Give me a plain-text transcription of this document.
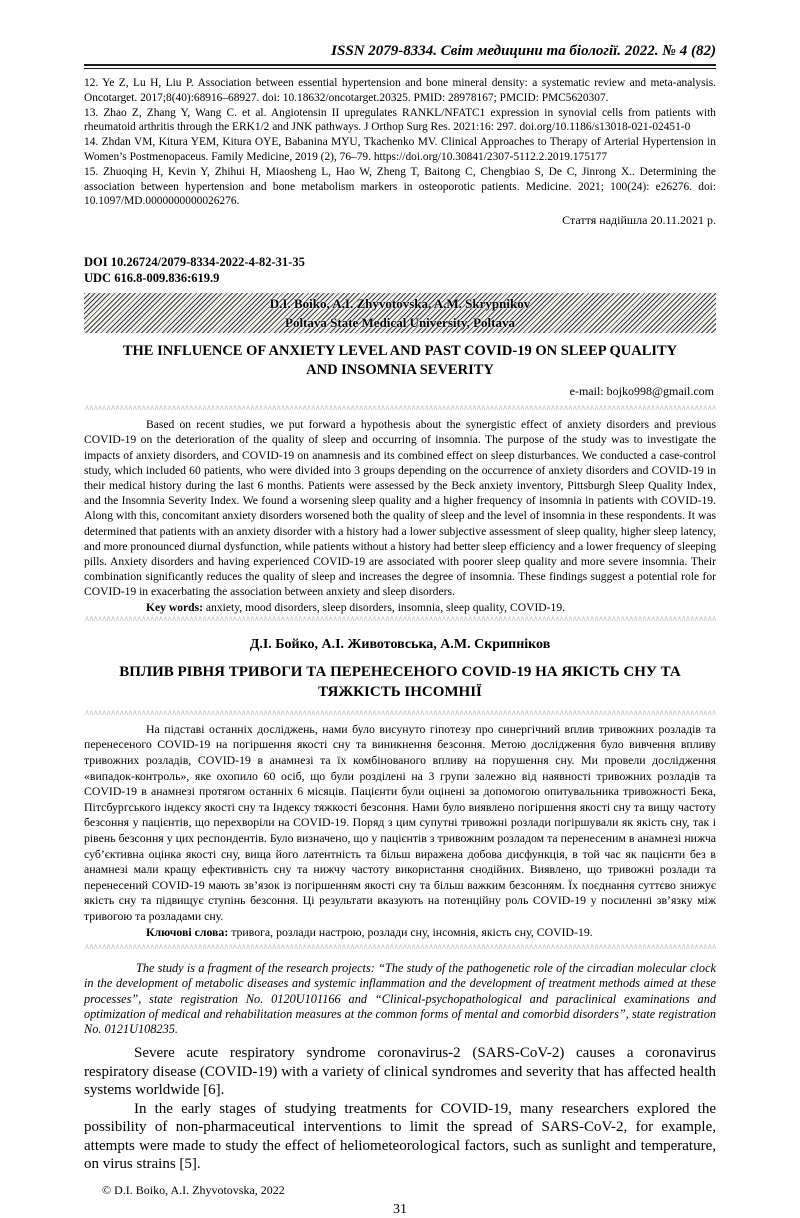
ISSN 2079-8334. Світ медицини та біології. 2022. № 4 (82)

12. Ye Z, Lu H, Liu P. Association between essential hypertension and bone mineral density: a systematic review and meta-analysis. Oncotarget. 2017;8(40):68916–68927. doi: 10.18632/oncotarget.20325. PMID: 28978167; PMCID: PMC5620307.

13. Zhao Z, Zhang Y, Wang C. et al. Angiotensin II upregulates RANKL/NFATC1 expression in synovial cells from patients with rheumatoid arthritis through the ERK1/2 and JNK pathways. J Orthop Surg Res. 2021:16: 297. doi.org/10.1186/s13018-021-02451-0

14. Zhdan VM, Kitura YEM, Kitura OYE, Babanina MYU, Tkachenko MV. Clinical Approaches to Therapy of Arterial Hypertension in Women’s Postmenopaceus. Family Medicine, 2019 (2), 76–79. https://doi.org/10.30841/2307-5112.2.2019.175177

15. Zhuoqing H, Kevin Y, Zhihui H, Miaosheng L, Hao W, Zheng T, Baitong C, Chengbiao S, De C, Jinrong X.. Determining the association between hypertension and bone metabolism markers in osteoporotic patients. Medicine. 2021; 100(24): e26276. doi: 10.1097/MD.0000000000026276.

Стаття надійшла 20.11.2021 р.
DOI 10.26724/2079-8334-2022-4-82-31-35
UDC 616.8-009.836:619.9
D.I. Boiko, A.I. Zhyvotovska, A.M. Skrypnikov
Poltava State Medical University, Poltava
THE INFLUENCE OF ANXIETY LEVEL AND PAST COVID-19 ON SLEEP QUALITY AND INSOMNIA SEVERITY
e-mail: bojko998@gmail.com
∧∧∧∧∧∧∧∧∧∧∧∧∧∧∧∧∧∧∧∧∧∧∧∧∧∧∧∧∧∧∧∧∧∧∧∧∧∧∧∧∧∧∧∧∧∧∧∧∧∧∧∧∧∧∧∧∧∧∧∧∧∧∧∧∧∧∧∧∧∧∧∧∧∧∧∧∧∧∧∧∧∧∧∧∧∧∧∧∧∧∧∧∧∧∧∧∧∧∧∧∧∧∧∧∧∧∧∧∧∧∧∧∧∧∧∧∧∧∧∧∧∧∧∧∧∧∧∧∧∧∧∧∧∧∧∧∧∧∧∧∧∧∧∧∧∧∧∧∧∧∧∧∧∧∧∧∧∧∧∧∧∧∧∧∧∧∧∧∧∧∧∧

Based on recent studies, we put forward a hypothesis about the synergistic effect of anxiety disorders and previous COVID-19 on the deterioration of the quality of sleep and occurring of insomnia. The purpose of the study was to investigate the impacts of anxiety disorders, and COVID-19 on anamnesis and its combined effect on sleep disturbances. We conducted a case-control study, which included 60 patients, who were divided into 3 groups depending on the occurrence of anxiety disorders and COVID-19 in their medical history during the last 6 months. Patients were assessed by the Beck anxiety inventory, Pittsburgh Sleep Quality Index, and the Insomnia Severity Index. We found a worsening sleep quality and a higher frequency of insomnia in patients with COVID-19. Along with this, concomitant anxiety disorders worsened both the quality of sleep and the level of insomnia in these respondents. It was determined that patients with an anxiety disorder with a history had a lower subjective assessment of sleep quality, higher sleep latency, and more pronounced diurnal dysfunction, while patients without a history had better sleep efficiency and a lower frequency of sleeping pills. Anxiety disorders and having experienced COVID-19 are associated with poorer sleep quality and more severe insomnia. Their combination significantly reduces the quality of sleep and increases the degree of insomnia. These findings suggest a potential role for COVID-19 in exacerbating the association between anxiety and sleep disorders.

Key words: anxiety, mood disorders, sleep disorders, insomnia, sleep quality, COVID-19.

∧∧∧∧∧∧∧∧∧∧∧∧∧∧∧∧∧∧∧∧∧∧∧∧∧∧∧∧∧∧∧∧∧∧∧∧∧∧∧∧∧∧∧∧∧∧∧∧∧∧∧∧∧∧∧∧∧∧∧∧∧∧∧∧∧∧∧∧∧∧∧∧∧∧∧∧∧∧∧∧∧∧∧∧∧∧∧∧∧∧∧∧∧∧∧∧∧∧∧∧∧∧∧∧∧∧∧∧∧∧∧∧∧∧∧∧∧∧∧∧∧∧∧∧∧∧∧∧∧∧∧∧∧∧∧∧∧∧∧∧∧∧∧∧∧∧∧∧∧∧∧∧∧∧∧∧∧∧∧∧∧∧∧∧∧∧∧∧∧∧∧∧
Д.І. Бойко, А.І. Животовська, А.М. Скрипніков
ВПЛИВ РІВНЯ ТРИВОГИ ТА ПЕРЕНЕСЕНОГО COVID-19 НА ЯКІСТЬ СНУ ТА ТЯЖКІСТЬ ІНСОМНІЇ
∧∧∧∧∧∧∧∧∧∧∧∧∧∧∧∧∧∧∧∧∧∧∧∧∧∧∧∧∧∧∧∧∧∧∧∧∧∧∧∧∧∧∧∧∧∧∧∧∧∧∧∧∧∧∧∧∧∧∧∧∧∧∧∧∧∧∧∧∧∧∧∧∧∧∧∧∧∧∧∧∧∧∧∧∧∧∧∧∧∧∧∧∧∧∧∧∧∧∧∧∧∧∧∧∧∧∧∧∧∧∧∧∧∧∧∧∧∧∧∧∧∧∧∧∧∧∧∧∧∧∧∧∧∧∧∧∧∧∧∧∧∧∧∧∧∧∧∧∧∧∧∧∧∧∧∧∧∧∧∧∧∧∧∧∧∧∧∧∧∧∧∧

На підставі останніх досліджень, нами було висунуто гіпотезу про синергічний вплив тривожних розладів та перенесеного COVID-19 на погіршення якості сну та виникнення безсоння. Метою дослідження було вивчення впливу тривожних розладів, COVID-19 в анамнезі та їх комбінованого впливу на порушення сну. Ми провели дослідження «випадок-контроль», яке охопило 60 осіб, що були розділені на 3 групи залежно від наявності тривожних розладів та COVID-19 в анамнезі протягом останніх 6 місяців. Пацієнти були оцінені за допомогою опитувальника тривожності Бека, Пітсбургського індексу якості сну та Індексу тяжкості безсоння. Нами було виявлено погіршення якості сну та вищу частоту безсоння у пацієнтів, що перехворіли на COVID-19. Поряд з цим супутні тривожні розлади погіршували як якість сну, так і рівень безсоння у цих респондентів. Було визначено, що у пацієнтів з тривожним розладом та перенесеним в анамнезі нижча суб’єктивна оцінка якості сну, вища його латентність та більш виражена добова дисфункція, в той час як пацієнти без в анамнезі мали кращу ефективність сну та нижчу частоту використання снодійних. Виявлено, що тривожні розлади та перенесений COVID-19 мають зв’язок із погіршенням якості сну та більш важким безсонням. Їх поєднання суттєво знижує якість сну та підвищує ступінь безсоння. Ці результати вказують на потенційну роль COVID-19 у посиленні зв’язку між тривогою та розладами сну.

Ключові слова: тривога, розлади настрою, розлади сну, інсомнія, якість сну, COVID-19.

∧∧∧∧∧∧∧∧∧∧∧∧∧∧∧∧∧∧∧∧∧∧∧∧∧∧∧∧∧∧∧∧∧∧∧∧∧∧∧∧∧∧∧∧∧∧∧∧∧∧∧∧∧∧∧∧∧∧∧∧∧∧∧∧∧∧∧∧∧∧∧∧∧∧∧∧∧∧∧∧∧∧∧∧∧∧∧∧∧∧∧∧∧∧∧∧∧∧∧∧∧∧∧∧∧∧∧∧∧∧∧∧∧∧∧∧∧∧∧∧∧∧∧∧∧∧∧∧∧∧∧∧∧∧∧∧∧∧∧∧∧∧∧∧∧∧∧∧∧∧∧∧∧∧∧∧∧∧∧∧∧∧∧∧∧∧∧∧∧∧∧∧

The study is a fragment of the research projects: “The study of the pathogenetic role of the circadian molecular clock in the development of metabolic diseases and systemic inflammation and the development of treatment methods aimed at these processes”, state registration No. 0120U101166 and “Clinical-psychopathological and paraclinical examinations and optimization of medical and rehabilitation measures at the common forms of mental and comorbid disorders”, state registration No. 0121U108235.

Severe acute respiratory syndrome coronavirus-2 (SARS-CoV-2) causes a coronavirus respiratory disease (COVID-19) with a variety of clinical syndromes and severity that has affected health systems worldwide [6].

In the early stages of studying treatments for COVID-19, many researchers explored the possibility of non-pharmaceutical interventions to limit the spread of SARS-CoV-2, for example, attempts were made to study the effect of heliometeorological factors, such as sunlight and temperature, on virus strains [5].

© D.I. Boiko, A.I. Zhyvotovska, 2022
31
